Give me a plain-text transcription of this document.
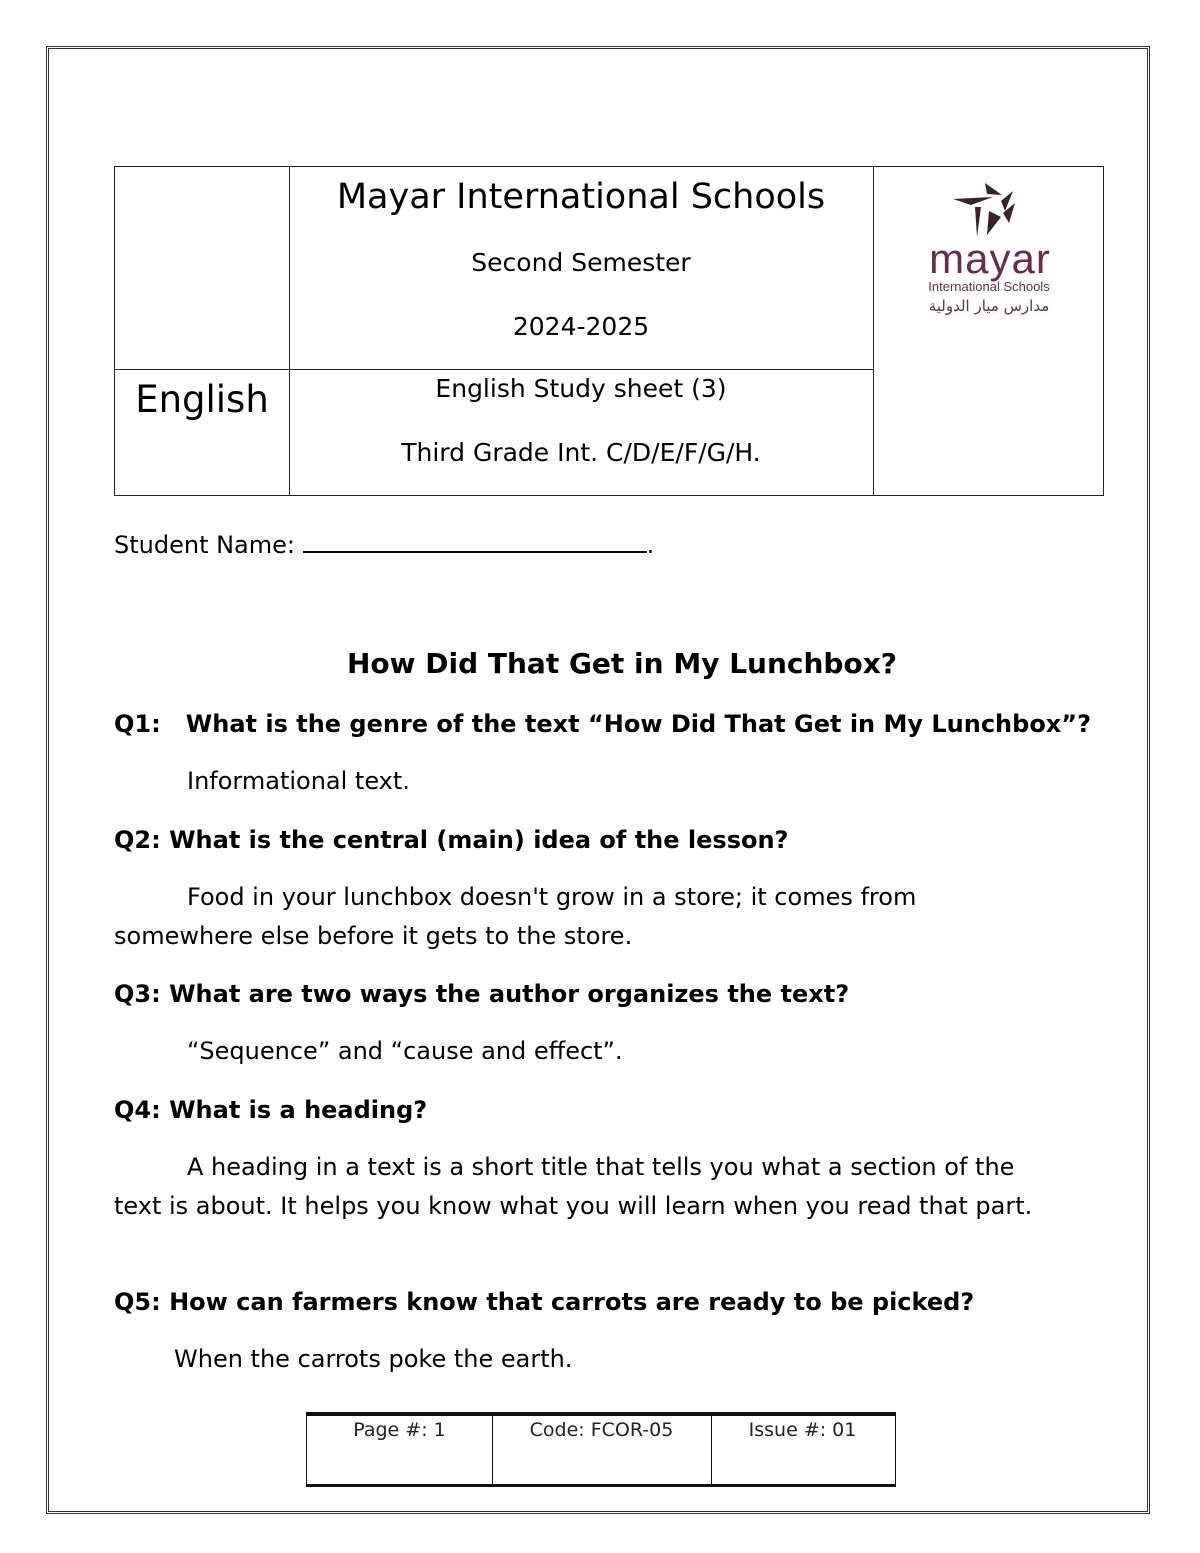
Mayar International Schools
Second Semester
2024-2025
English	English Study sheet (3)
Third Grade Int. C/D/E/F/G/H.
mayar
International Schools
مدارس ميار الدولية
Student Name:	.
How Did That Get in My Lunchbox?
Q1: What is the genre of the text “How Did That Get in My Lunchbox”?
Informational text.
Q2: What is the central (main) idea of the lesson?
Food in your lunchbox doesn't grow in a store; it comes from somewhere else before it gets to the store.
Q3: What are two ways the author organizes the text?
“Sequence” and “cause and effect”.
Q4: What is a heading?
A heading in a text is a short title that tells you what a section of the text is about. It helps you know what you will learn when you read that part.
Q5: How can farmers know that carrots are ready to be picked?
When the carrots poke the earth.
Page #: 1	Code: FCOR-05	Issue #: 01
